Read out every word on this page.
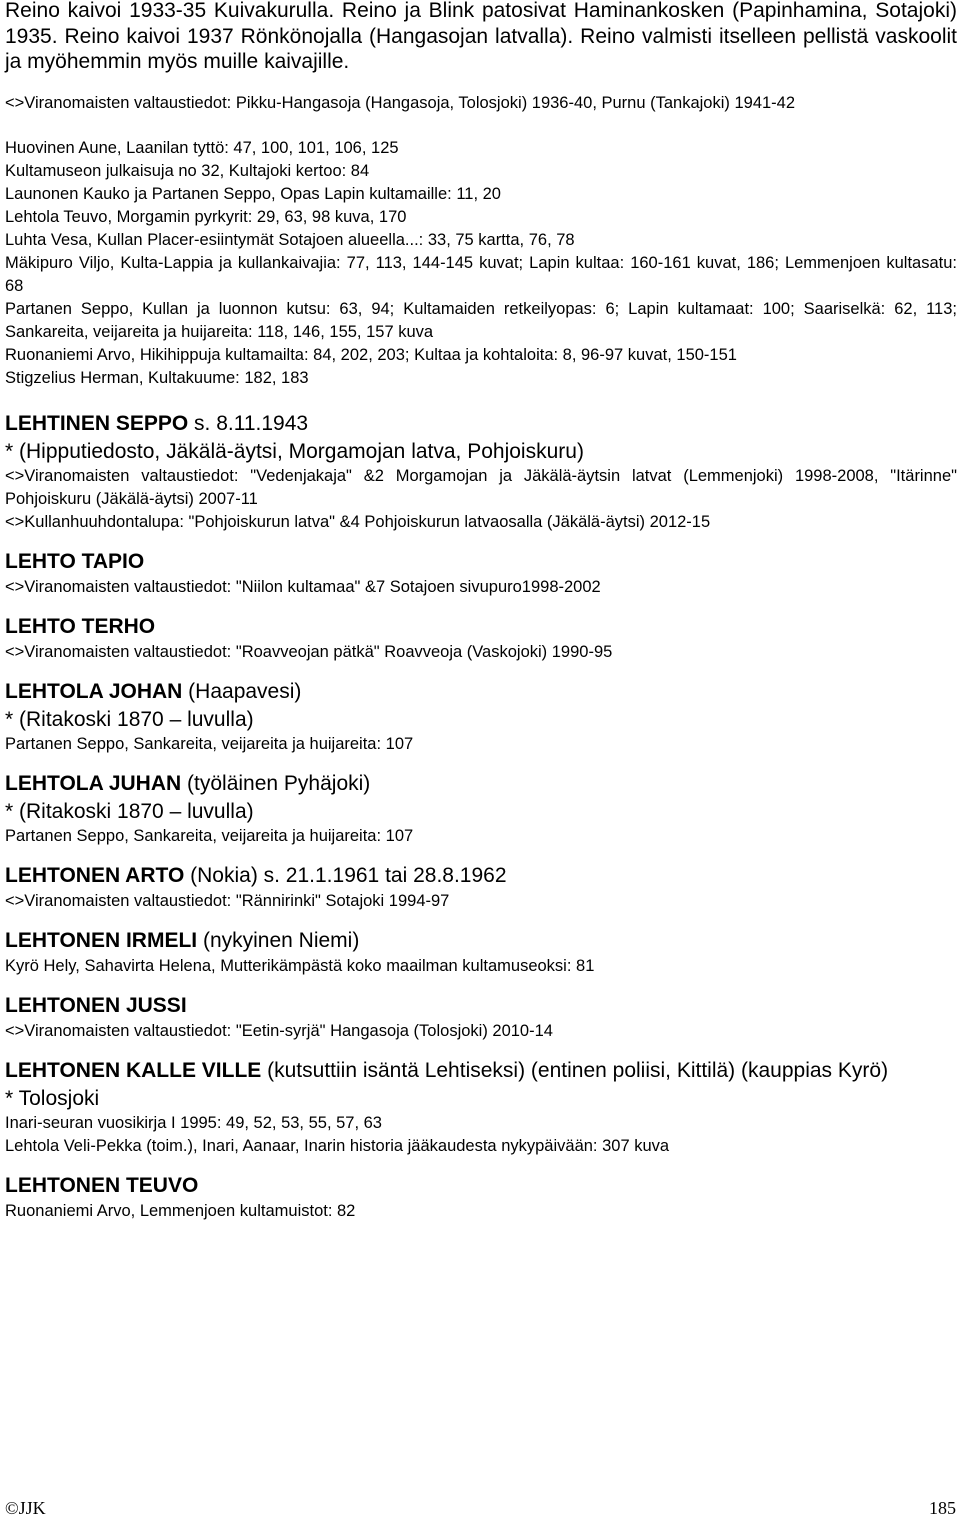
Reino kaivoi 1933-35 Kuivakurulla. Reino ja Blink patosivat Haminankosken (Papinhamina, Sotajoki) 1935. Reino kaivoi 1937 Rönkönojalla (Hangasojan latvalla). Reino valmisti itselleen pellistä vaskoolit ja myöhemmin myös muille kaivajille.
<>Viranomaisten valtaustiedot: Pikku-Hangasoja (Hangasoja, Tolosjoki) 1936-40, Purnu (Tankajoki) 1941-42
Huovinen Aune, Laanilan tyttö: 47, 100, 101, 106, 125
Kultamuseon julkaisuja no 32, Kultajoki kertoo: 84
Launonen Kauko ja Partanen Seppo, Opas Lapin kultamaille: 11, 20
Lehtola Teuvo, Morgamin pyrkyrit: 29, 63, 98 kuva, 170
Luhta Vesa, Kullan Placer-esiintymät Sotajoen alueella...: 33, 75 kartta, 76, 78
Mäkipuro Viljo, Kulta-Lappia ja kullankaivajia: 77, 113, 144-145 kuvat; Lapin kultaa: 160-161 kuvat, 186; Lemmenjoen kultasatu: 68
Partanen Seppo, Kullan ja luonnon kutsu: 63, 94; Kultamaiden retkeilyopas: 6; Lapin kultamaat: 100; Saariselkä: 62, 113; Sankareita, veijareita ja huijareita: 118, 146, 155, 157 kuva
Ruonaniemi Arvo, Hikihippuja kultamailta: 84, 202, 203; Kultaa ja kohtaloita: 8, 96-97 kuvat, 150-151
Stigzelius Herman, Kultakuume: 182, 183
LEHTINEN SEPPO s. 8.11.1943
* (Hipputiedosto, Jäkälä-äytsi, Morgamojan latva, Pohjoiskuru)
<>Viranomaisten valtaustiedot: "Vedenjakaja" &2 Morgamojan ja Jäkälä-äytsin latvat (Lemmenjoki) 1998-2008, "Itärinne" Pohjoiskuru (Jäkälä-äytsi) 2007-11
<>Kullanhuuhdontalupa: "Pohjoiskurun latva" &4 Pohjoiskurun latvaosalla (Jäkälä-äytsi) 2012-15
LEHTO TAPIO
<>Viranomaisten valtaustiedot: "Niilon kultamaa" &7 Sotajoen sivupuro1998-2002
LEHTO TERHO
<>Viranomaisten valtaustiedot: "Roavveojan pätkä" Roavveoja (Vaskojoki) 1990-95
LEHTOLA JOHAN (Haapavesi)
* (Ritakoski 1870 – luvulla)
Partanen Seppo, Sankareita, veijareita ja huijareita: 107
LEHTOLA JUHAN (työläinen Pyhäjoki)
* (Ritakoski 1870 – luvulla)
Partanen Seppo, Sankareita, veijareita ja huijareita: 107
LEHTONEN ARTO (Nokia) s. 21.1.1961 tai 28.8.1962
<>Viranomaisten valtaustiedot: "Rännirinki" Sotajoki 1994-97
LEHTONEN IRMELI (nykyinen Niemi)
Kyrö Hely, Sahavirta Helena, Mutterikämpästä koko maailman kultamuseoksi: 81
LEHTONEN JUSSI
<>Viranomaisten valtaustiedot: "Eetin-syrjä" Hangasoja (Tolosjoki) 2010-14
LEHTONEN KALLE VILLE (kutsuttiin isäntä Lehtiseksi) (entinen poliisi, Kittilä) (kauppias Kyrö)
* Tolosjoki
Inari-seuran vuosikirja I 1995: 49, 52, 53, 55, 57, 63
Lehtola Veli-Pekka (toim.), Inari, Aanaar, Inarin historia jääkaudesta nykypäivään: 307 kuva
LEHTONEN TEUVO
Ruonaniemi Arvo, Lemmenjoen kultamuistot: 82
©JJK	185
